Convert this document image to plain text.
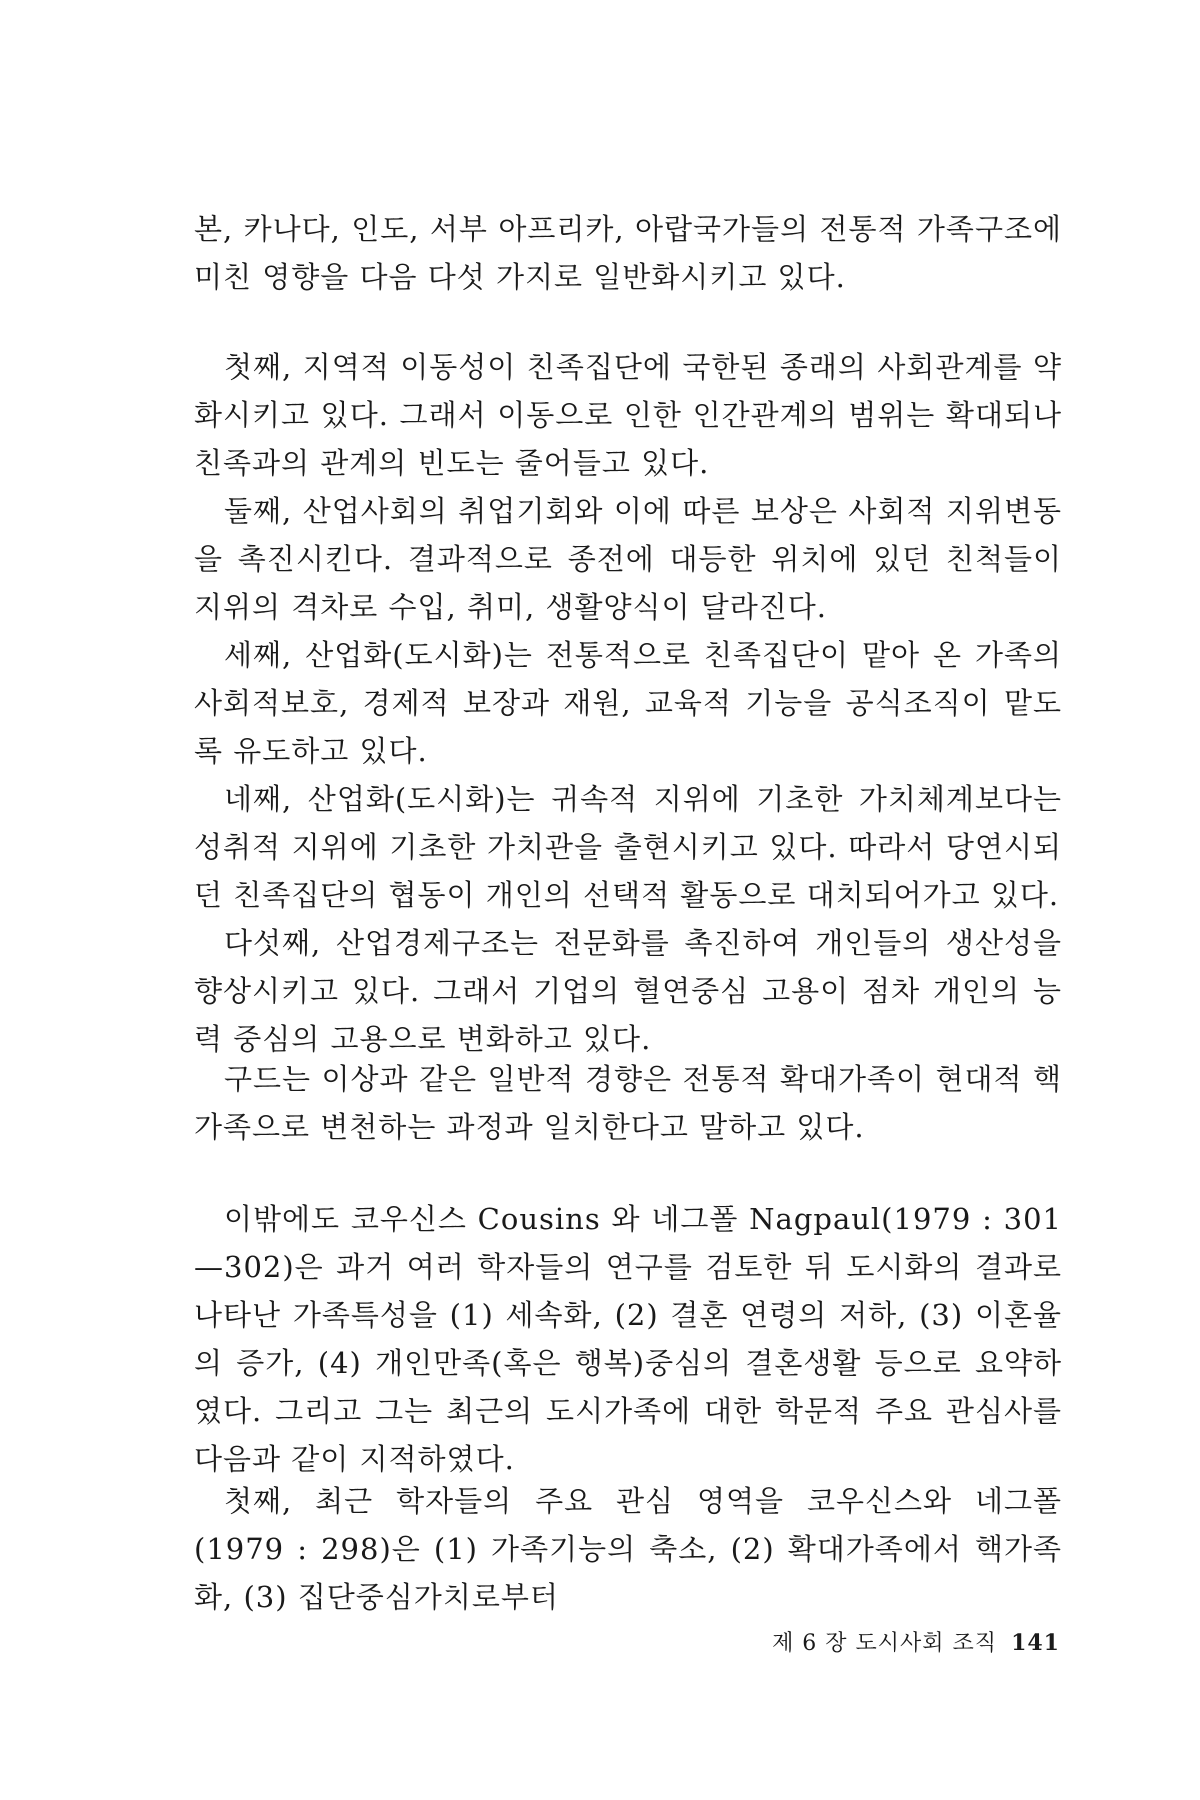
본, 카나다, 인도, 서부 아프리카, 아랍국가들의 전통적 가족구조에 미친 영향을 다음 다섯 가지로 일반화시키고 있다.

첫째, 지역적 이동성이 친족집단에 국한된 종래의 사회관계를 약화시키고 있다. 그래서 이동으로 인한 인간관계의 범위는 확대되나 친족과의 관계의 빈도는 줄어들고 있다.

둘째, 산업사회의 취업기회와 이에 따른 보상은 사회적 지위변동을 촉진시킨다. 결과적으로 종전에 대등한 위치에 있던 친척들이 지위의 격차로 수입, 취미, 생활양식이 달라진다.

세째, 산업화(도시화)는 전통적으로 친족집단이 맡아 온 가족의 사회적보호, 경제적 보장과 재원, 교육적 기능을 공식조직이 맡도록 유도하고 있다.

네째, 산업화(도시화)는 귀속적 지위에 기초한 가치체계보다는 성취적 지위에 기초한 가치관을 출현시키고 있다. 따라서 당연시되던 친족집단의 협동이 개인의 선택적 활동으로 대치되어가고 있다.

다섯째, 산업경제구조는 전문화를 촉진하여 개인들의 생산성을 향상시키고 있다. 그래서 기업의 혈연중심 고용이 점차 개인의 능력 중심의 고용으로 변화하고 있다.

구드는 이상과 같은 일반적 경향은 전통적 확대가족이 현대적 핵가족으로 변천하는 과정과 일치한다고 말하고 있다.

이밖에도 코우신스 Cousins 와 네그폴 Nagpaul(1979 : 301—302)은 과거 여러 학자들의 연구를 검토한 뒤 도시화의 결과로 나타난 가족특성을 (1) 세속화, (2) 결혼 연령의 저하, (3) 이혼율의 증가, (4) 개인만족(혹은 행복)중심의 결혼생활 등으로 요약하였다. 그리고 그는 최근의 도시가족에 대한 학문적 주요 관심사를 다음과 같이 지적하였다.

첫째, 최근 학자들의 주요 관심 영역을 코우신스와 네그폴(1979 : 298)은 (1) 가족기능의 축소, (2) 확대가족에서 핵가족화, (3) 집단중심가치로부터

제 6 장 도시사회 조직 141
